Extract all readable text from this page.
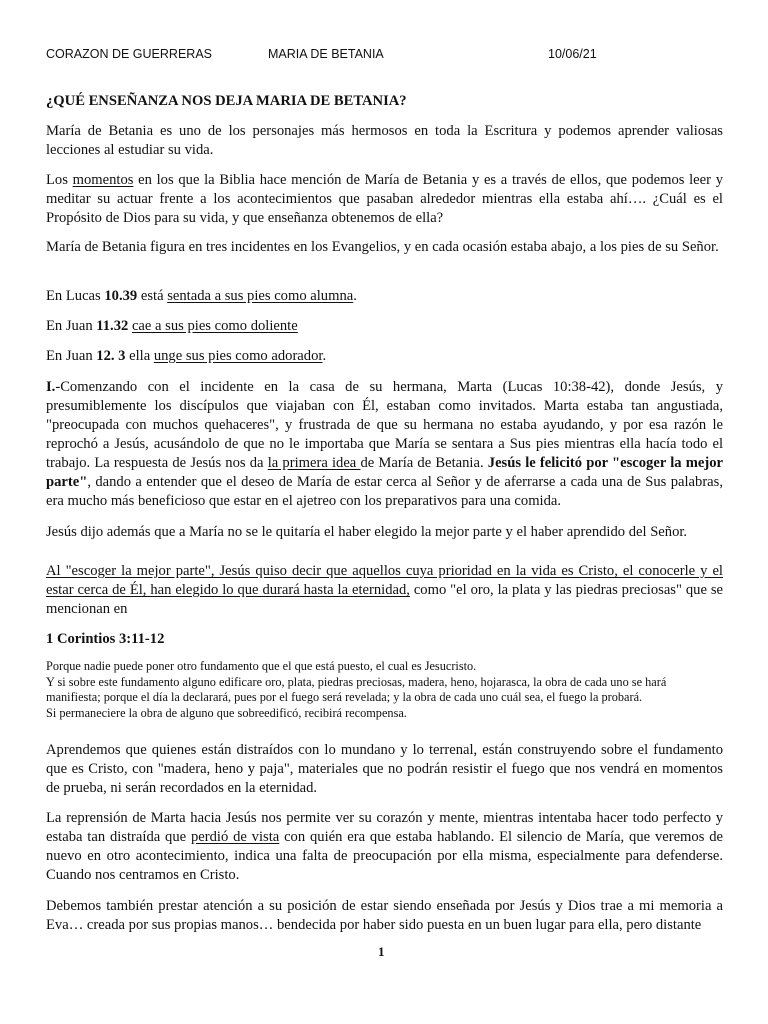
CORAZON DE GUERRERAS	MARIA DE BETANIA	10/06/21
¿QUÉ ENSEÑANZA NOS DEJA MARIA DE BETANIA?

María de Betania es uno de los personajes más hermosos en toda la Escritura y podemos aprender valiosas lecciones al estudiar su vida.

Los momentos en los que la Biblia hace mención de María de Betania y es a través de ellos, que podemos leer y meditar su actuar frente a los acontecimientos que pasaban alrededor mientras ella estaba ahí…. ¿Cuál es el Propósito de Dios para su vida, y que enseñanza obtenemos de ella?

María de Betania figura en tres incidentes en los Evangelios, y en cada ocasión estaba abajo, a los pies de su Señor.

En Lucas 10.39 está sentada a sus pies como alumna.
En Juan 11.32 cae a sus pies como doliente
En Juan 12. 3 ella unge sus pies como adorador.

I.-Comenzando con el incidente en la casa de su hermana, Marta (Lucas 10:38-42), donde Jesús, y presumiblemente los discípulos que viajaban con Él, estaban como invitados. Marta estaba tan angustiada, "preocupada con muchos quehaceres", y frustrada de que su hermana no estaba ayudando, y por esa razón le reprochó a Jesús, acusándolo de que no le importaba que María se sentara a Sus pies mientras ella hacía todo el trabajo. La respuesta de Jesús nos da la primera idea de María de Betania. Jesús le felicitó por "escoger la mejor parte", dando a entender que el deseo de María de estar cerca al Señor y de aferrarse a cada una de Sus palabras, era mucho más beneficioso que estar en el ajetreo con los preparativos para una comida.

Jesús dijo además que a María no se le quitaría el haber elegido la mejor parte y el haber aprendido del Señor.

Al "escoger la mejor parte", Jesús quiso decir que aquellos cuya prioridad en la vida es Cristo, el conocerle y el estar cerca de Él, han elegido lo que durará hasta la eternidad, como "el oro, la plata y las piedras preciosas" que se mencionan en

1 Corintios 3:11-12

Porque nadie puede poner otro fundamento que el que está puesto, el cual es Jesucristo.

Y si sobre este fundamento alguno edificare oro, plata, piedras preciosas, madera, heno, hojarasca, la obra de cada uno se hará manifiesta; porque el día la declarará, pues por el fuego será revelada; y la obra de cada uno cuál sea, el fuego la probará.

Si permaneciere la obra de alguno que sobreedificó, recibirá recompensa.

Aprendemos que quienes están distraídos con lo mundano y lo terrenal, están construyendo sobre el fundamento que es Cristo, con "madera, heno y paja", materiales que no podrán resistir el fuego que nos vendrá en momentos de prueba, ni serán recordados en la eternidad.

La reprensión de Marta hacia Jesús nos permite ver su corazón y mente, mientras intentaba hacer todo perfecto y estaba tan distraída que perdió de vista con quién era que estaba hablando. El silencio de María, que veremos de nuevo en otro acontecimiento, indica una falta de preocupación por ella misma, especialmente para defenderse. Cuando nos centramos en Cristo.

Debemos también prestar atención a su posición de estar siendo enseñada por Jesús y Dios trae a mi memoria a Eva… creada por sus propias manos… bendecida por haber sido puesta en un buen lugar para ella, pero distante

1
